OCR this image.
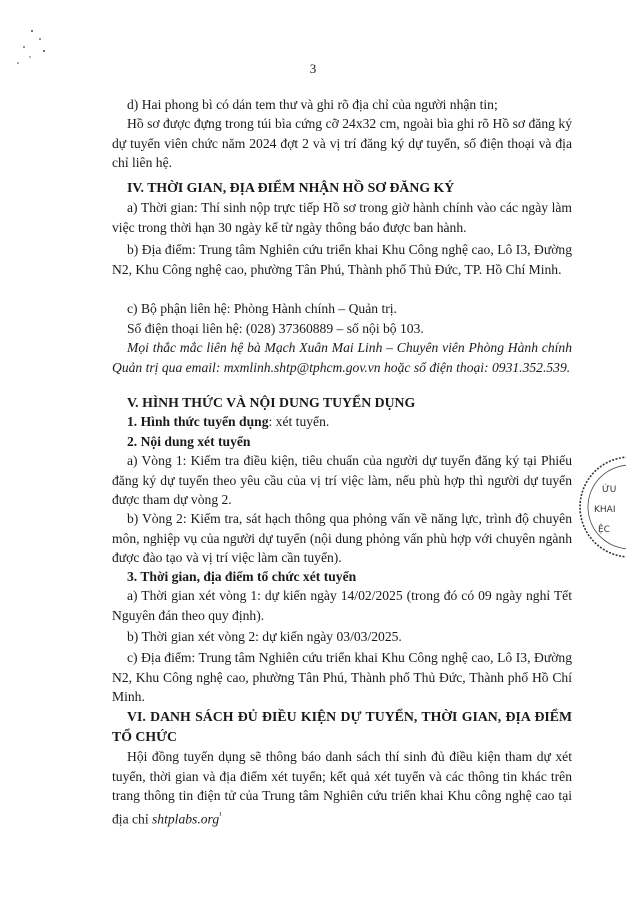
3

d) Hai phong bì có dán tem thư và ghi rõ địa chỉ của người nhận tin;

Hồ sơ được đựng trong túi bìa cứng cỡ 24x32 cm, ngoài bìa ghi rõ Hồ sơ đăng ký dự tuyển viên chức năm 2024 đợt 2 và vị trí đăng ký dự tuyển, số điện thoại và địa chỉ liên hệ.

IV. THỜI GIAN, ĐỊA ĐIỂM NHẬN HỒ SƠ ĐĂNG KÝ

a) Thời gian: Thí sinh nộp trực tiếp Hồ sơ trong giờ hành chính vào các ngày làm việc trong thời hạn 30 ngày kể từ ngày thông báo được ban hành.

b) Địa điểm: Trung tâm Nghiên cứu triển khai Khu Công nghệ cao, Lô I3, Đường N2, Khu Công nghệ cao, phường Tân Phú, Thành phố Thủ Đức, TP. Hồ Chí Minh.

c) Bộ phận liên hệ: Phòng Hành chính – Quản trị.

Số điện thoại liên hệ: (028) 37360889 – số nội bộ 103.

Mọi thắc mắc liên hệ bà Mạch Xuân Mai Linh – Chuyên viên Phòng Hành chính Quản trị qua email: mxmlinh.shtp@tphcm.gov.vn hoặc số điện thoại: 0931.352.539.

V. HÌNH THỨC VÀ NỘI DUNG TUYỂN DỤNG

1. Hình thức tuyển dụng: xét tuyển.

2. Nội dung xét tuyển

a) Vòng 1: Kiểm tra điều kiện, tiêu chuẩn của người dự tuyển đăng ký tại Phiếu đăng ký dự tuyển theo yêu cầu của vị trí việc làm, nếu phù hợp thì người dự tuyển được tham dự vòng 2.

b) Vòng 2: Kiểm tra, sát hạch thông qua phỏng vấn về năng lực, trình độ chuyên môn, nghiệp vụ của người dự tuyển (nội dung phỏng vấn phù hợp với chuyên ngành được đào tạo và vị trí việc làm cần tuyển).

3. Thời gian, địa điểm tổ chức xét tuyển

a) Thời gian xét vòng 1: dự kiến ngày 14/02/2025 (trong đó có 09 ngày nghỉ Tết Nguyên đán theo quy định).

b) Thời gian xét vòng 2: dự kiến ngày 03/03/2025.

c) Địa điểm: Trung tâm Nghiên cứu triển khai Khu Công nghệ cao, Lô I3, Đường N2, Khu Công nghệ cao, phường Tân Phú, Thành phố Thủ Đức, Thành phố Hồ Chí Minh.

VI. DANH SÁCH ĐỦ ĐIỀU KIỆN DỰ TUYỂN, THỜI GIAN, ĐỊA ĐIỂM TỔ CHỨC

Hội đồng tuyển dụng sẽ thông báo danh sách thí sinh đủ điều kiện tham dự xét tuyển, thời gian và địa điểm xét tuyển; kết quả xét tuyển và các thông tin khác trên trang thông tin điện tử của Trung tâm Nghiên cứu triển khai Khu công nghệ cao tại địa chỉ shtplabs.org$^{^1}$

ỨU
KHAI
ỆC
